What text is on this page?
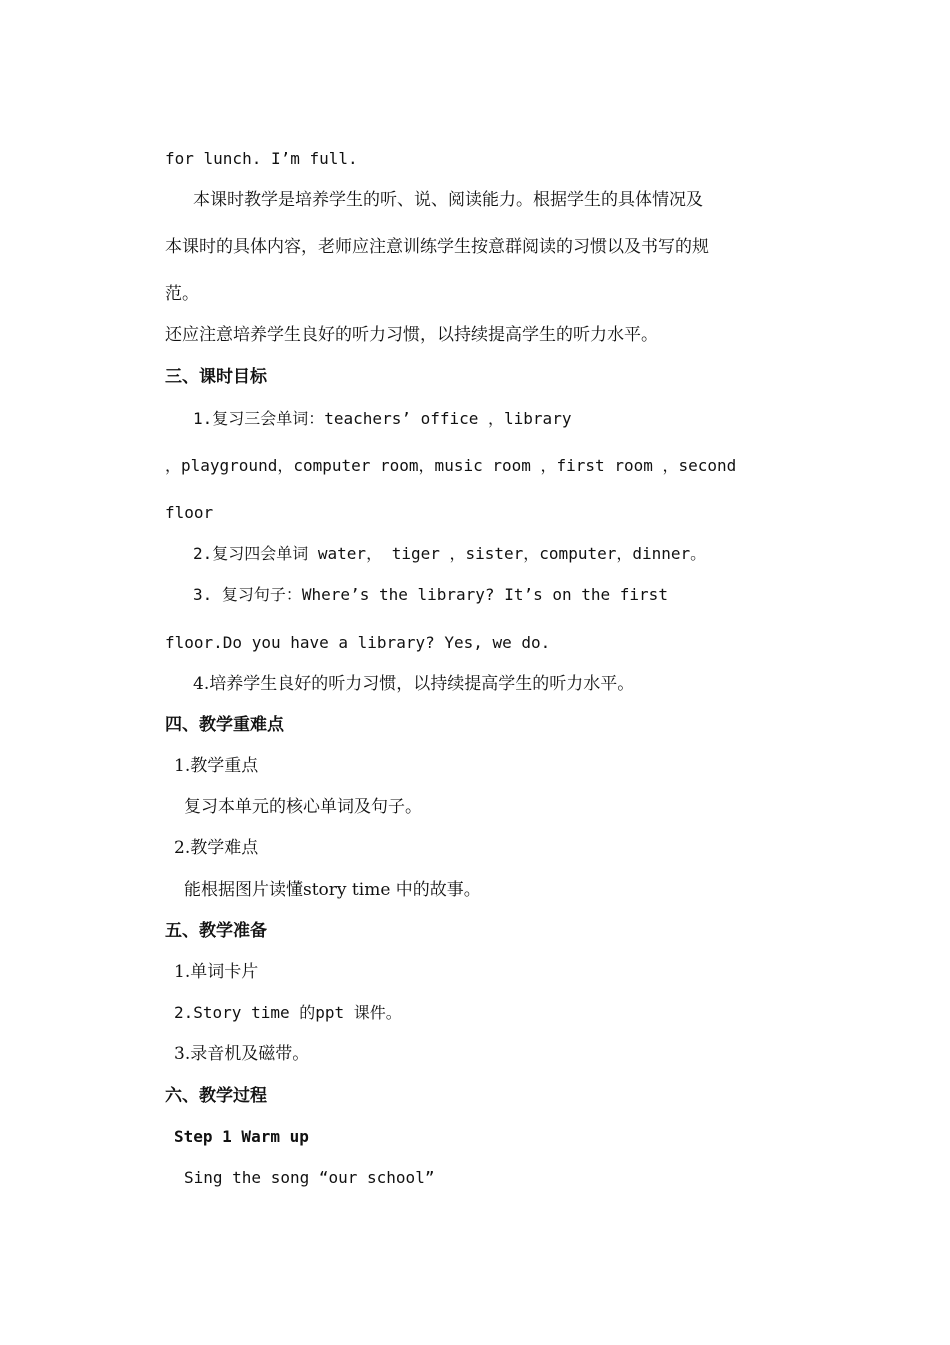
for lunch. I’m full.
本课时教学是培养学生的听、说、阅读能力。根据学生的具体情况及
本课时的具体内容，老师应注意训练学生按意群阅读的习惯以及书写的规
范。
还应注意培养学生良好的听力习惯，以持续提高学生的听力水平。
三、课时目标
1.复习三会单词：teachers’ office ，library
，playground，computer room，music room ，first room ，second
floor
2.复习四会单词 water， tiger ，sister，computer，dinner。
3. 复习句子：Where’s the library? It’s on the first
floor.Do you have a library? Yes, we do.
4.培养学生良好的听力习惯，以持续提高学生的听力水平。
四、教学重难点
1.教学重点
复习本单元的核心单词及句子。
2.教学难点
能根据图片读懂story time 中的故事。
五、教学准备
1.单词卡片
2.Story time 的ppt 课件。
3.录音机及磁带。
六、教学过程
Step 1 Warm up
Sing the song “our school”
